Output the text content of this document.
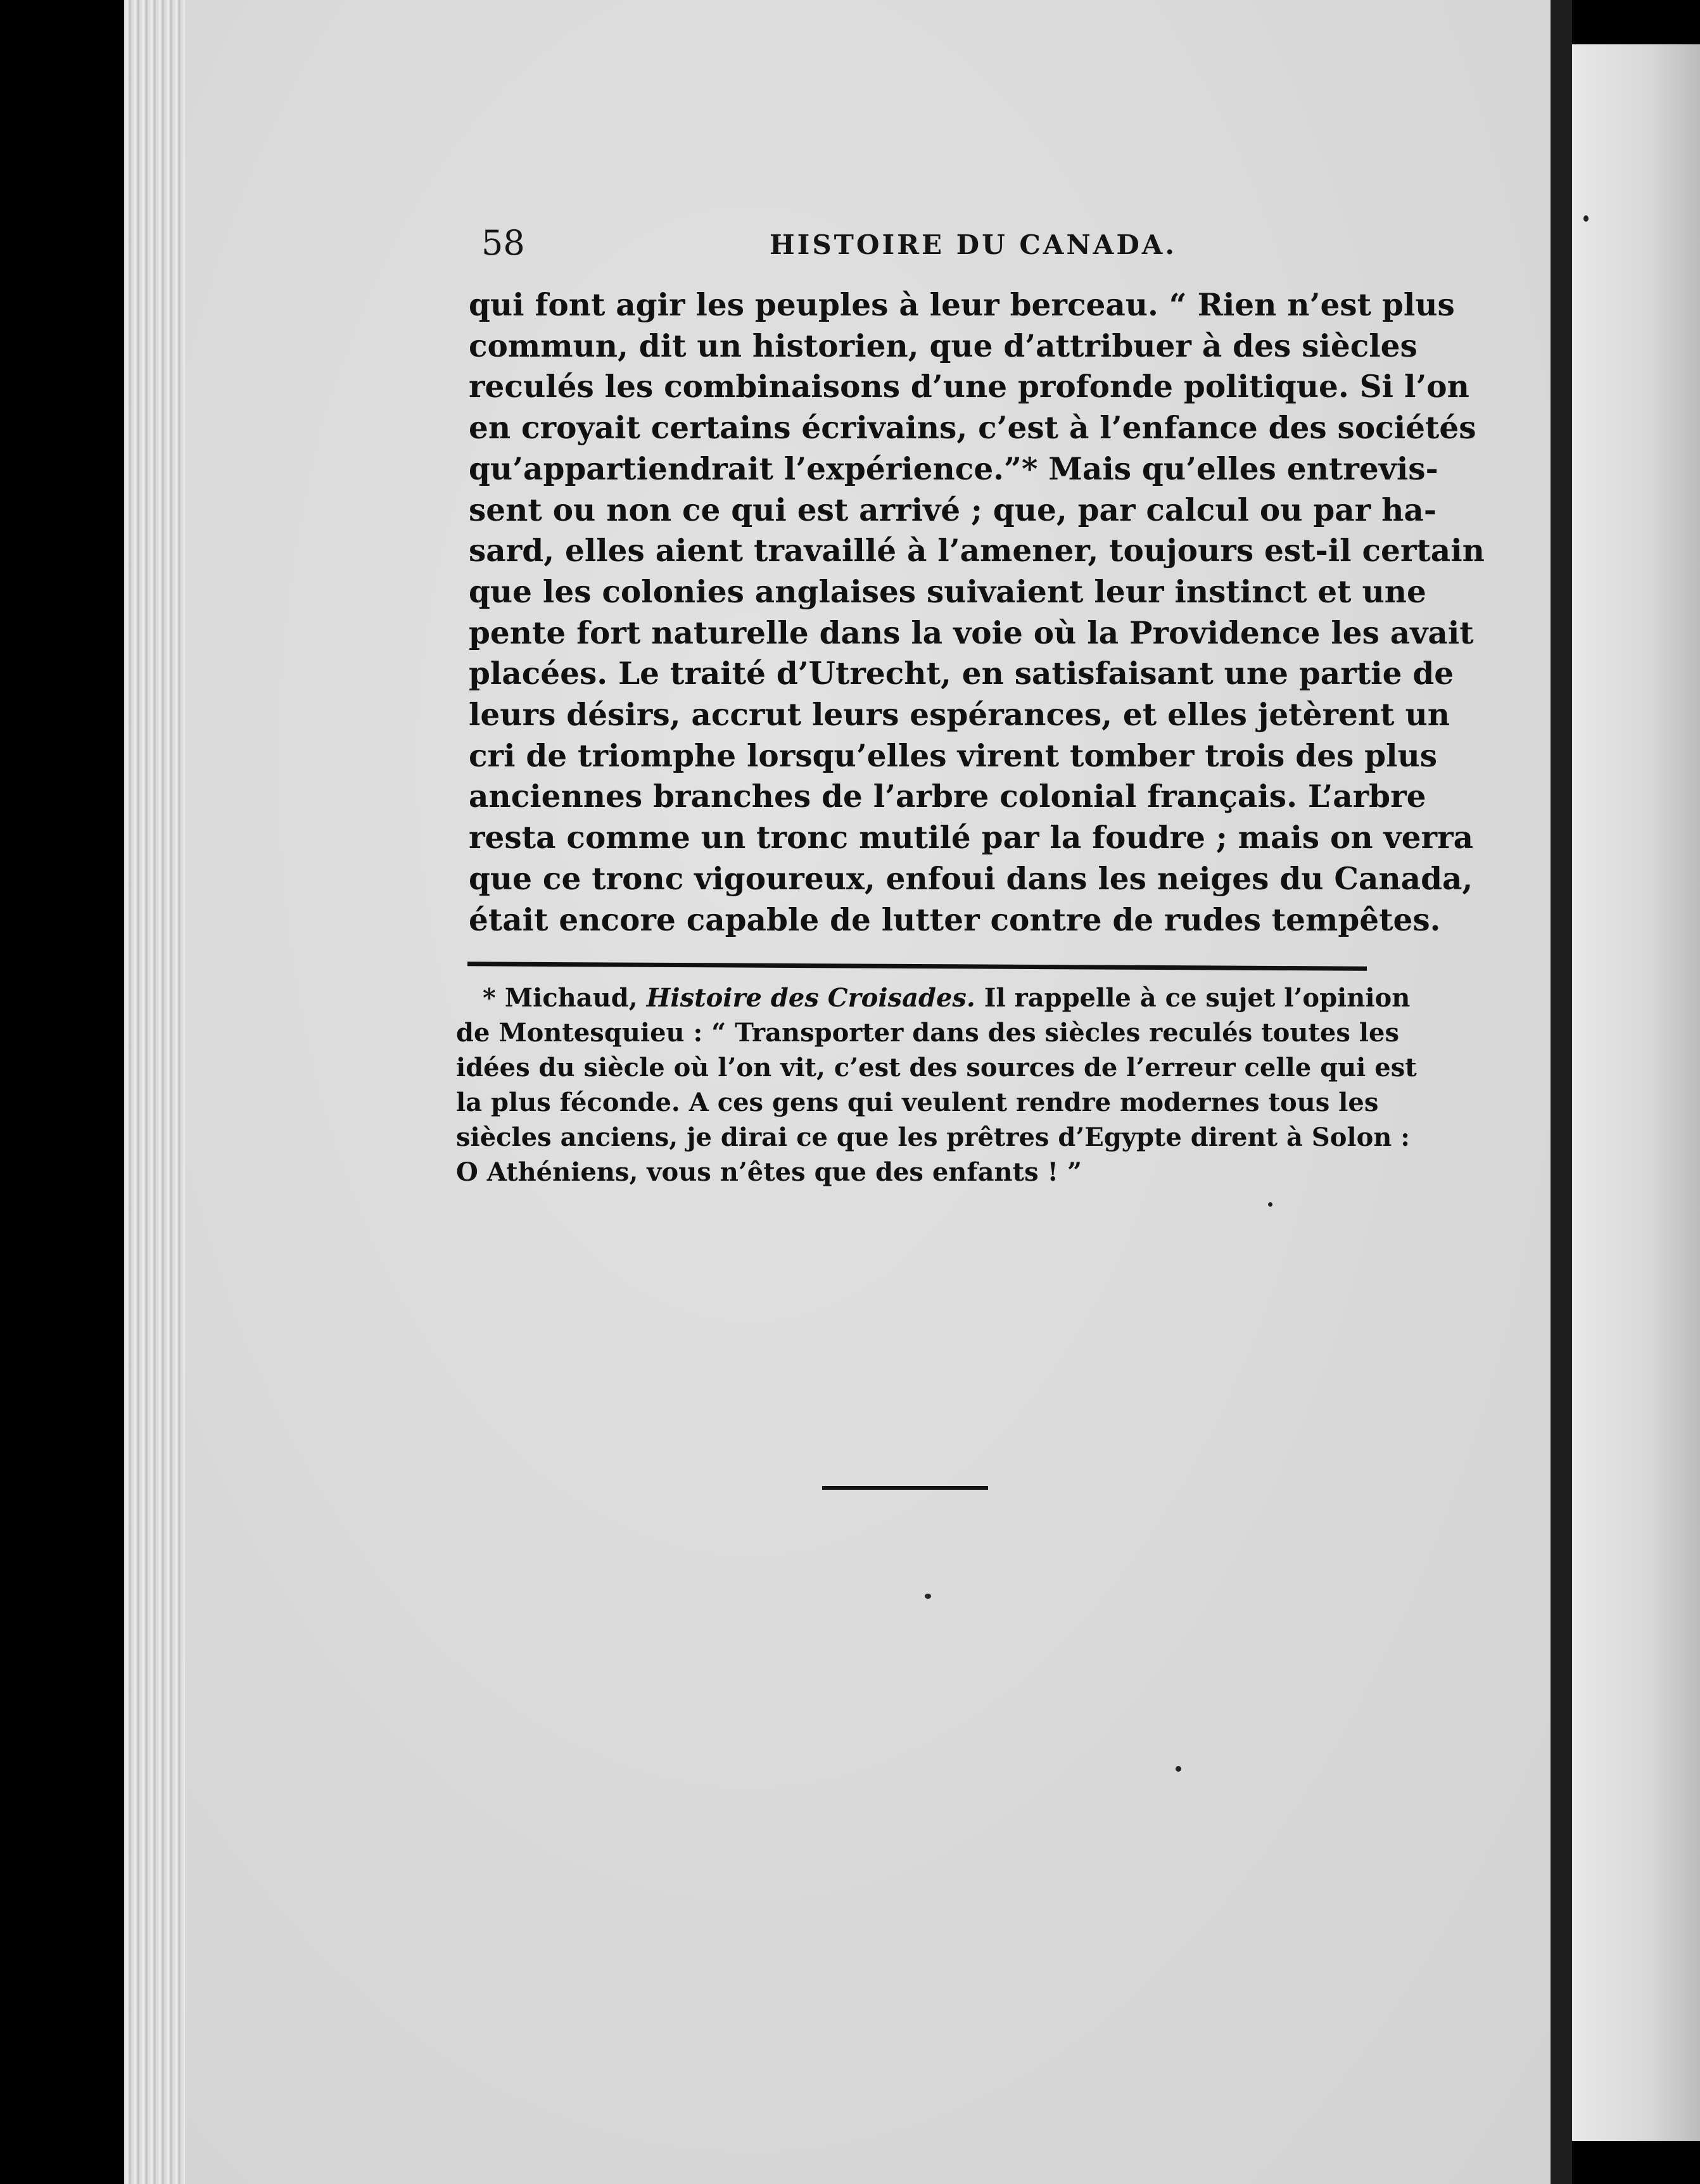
58	HISTOIRE DU CANADA.
qui font agir les peuples à leur berceau. “ Rien n’est plus
commun, dit un historien, que d’attribuer à des siècles
reculés les combinaisons d’une profonde politique. Si l’on
en croyait certains écrivains, c’est à l’enfance des sociétés
qu’appartiendrait l’expérience.”* Mais qu’elles entrevis-
sent ou non ce qui est arrivé ; que, par calcul ou par ha-
sard, elles aient travaillé à l’amener, toujours est-il certain
que les colonies anglaises suivaient leur instinct et une
pente fort naturelle dans la voie où la Providence les avait
placées. Le traité d’Utrecht, en satisfaisant une partie de
leurs désirs, accrut leurs espérances, et elles jetèrent un
cri de triomphe lorsqu’elles virent tomber trois des plus
anciennes branches de l’arbre colonial français. L’arbre
resta comme un tronc mutilé par la foudre ; mais on verra
que ce tronc vigoureux, enfoui dans les neiges du Canada,
était encore capable de lutter contre de rudes tempêtes.
* Michaud, Histoire des Croisades. Il rappelle à ce sujet l’opinion
de Montesquieu : “ Transporter dans des siècles reculés toutes les
idées du siècle où l’on vit, c’est des sources de l’erreur celle qui est
la plus féconde. A ces gens qui veulent rendre modernes tous les
siècles anciens, je dirai ce que les prêtres d’Egypte dirent à Solon :
O Athéniens, vous n’êtes que des enfants ! ”
